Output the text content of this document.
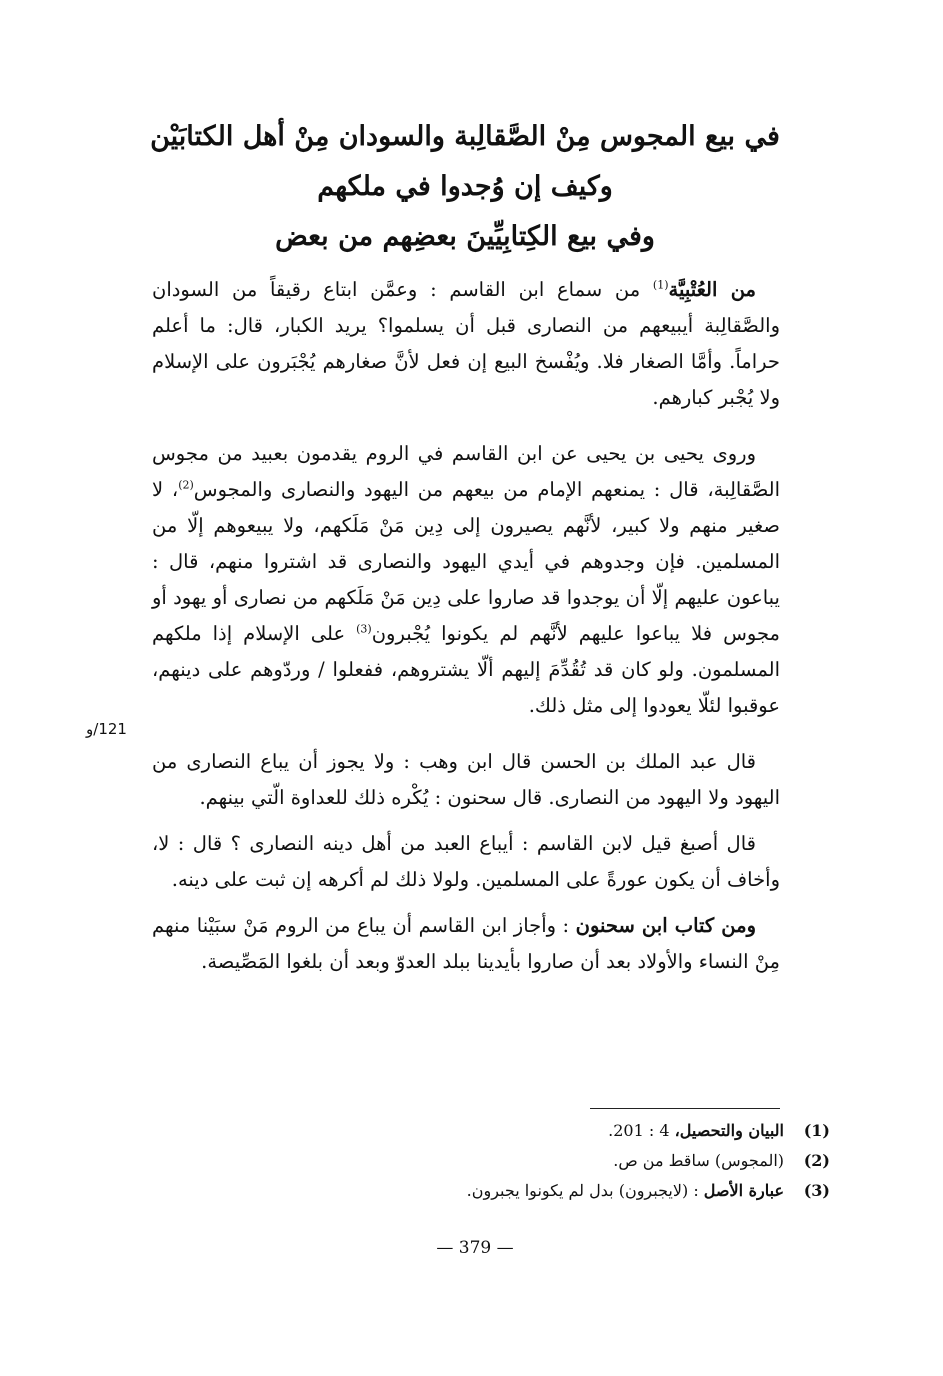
في بيع المجوس مِنْ الصَّقالِبة والسودان مِنْ أهل الكتابَيْن
وكيف إن وُجدوا في ملكهم
وفي بيع الكِتابِيِّينَ بعضِهم من بعض

من العُتْبِيَّة$^{(1)}$ من سماع ابن القاسم : وعمَّن ابتاع رقيقاً من السودان والصَّقالِبة أيبيعهم من النصارى قبل أن يسلموا؟ يريد الكبار، قال: ما أعلم حراماً. وأمَّا الصغار فلا. ويُفْسخ البيع إن فعل لأنَّ صغارهم يُجْبَرون على الإسلام ولا يُجْبر كبارهم.

وروى يحيى بن يحيى عن ابن القاسم في الروم يقدمون بعبيد من مجوس الصَّقالِبة، قال : يمنعهم الإمام من بيعهم من اليهود والنصارى والمجوس$^{(2)}$، لا صغير منهم ولا كبير، لأنَّهم يصيرون إلى دِين مَنْ مَلَكهم، ولا يبيعوهم إلّا من المسلمين. فإن وجدوهم في أيدي اليهود والنصارى قد اشتروا منهم، قال : يباعون عليهم إلّا أن يوجدوا قد صاروا على دِين مَنْ مَلَكهم من نصارى أو يهود أو مجوس فلا يباعوا عليهم لأنَّهم لم يكونوا يُجْبرون$^{(3)}$ على الإسلام إذا ملكهم المسلمون. ولو كان قد تُقُدِّمَ إليهم ألّا يشتروهم، ففعلوا / وردّوهم على دينهم، عوقبوا لئلّا يعودوا إلى مثل ذلك.

قال عبد الملك بن الحسن قال ابن وهب : ولا يجوز أن يباع النصارى من اليهود ولا اليهود من النصارى. قال سحنون : يُكْره ذلك للعداوة الّتي بينهم.

قال أصبغ قيل لابن القاسم : أيباع العبد من أهل دينه النصارى ؟ قال : لا، وأخاف أن يكون عورةً على المسلمين. ولولا ذلك لم أكرهه إن ثبت على دينه.

ومن كتاب ابن سحنون : وأجاز ابن القاسم أن يباع من الروم مَنْ سبَيْنا منهم مِنْ النساء والأولاد بعد أن صاروا بأيدينا ببلد العدوّ وبعد أن بلغوا المَصِّيصة.

121/و
(1)
البيان والتحصيل، 4 : 201.
(2)
(المجوس) ساقط من ص.
(3)
عبارة الأصل : (لايجبرون) بدل لم يكونوا يجبرون.
— 379 —
